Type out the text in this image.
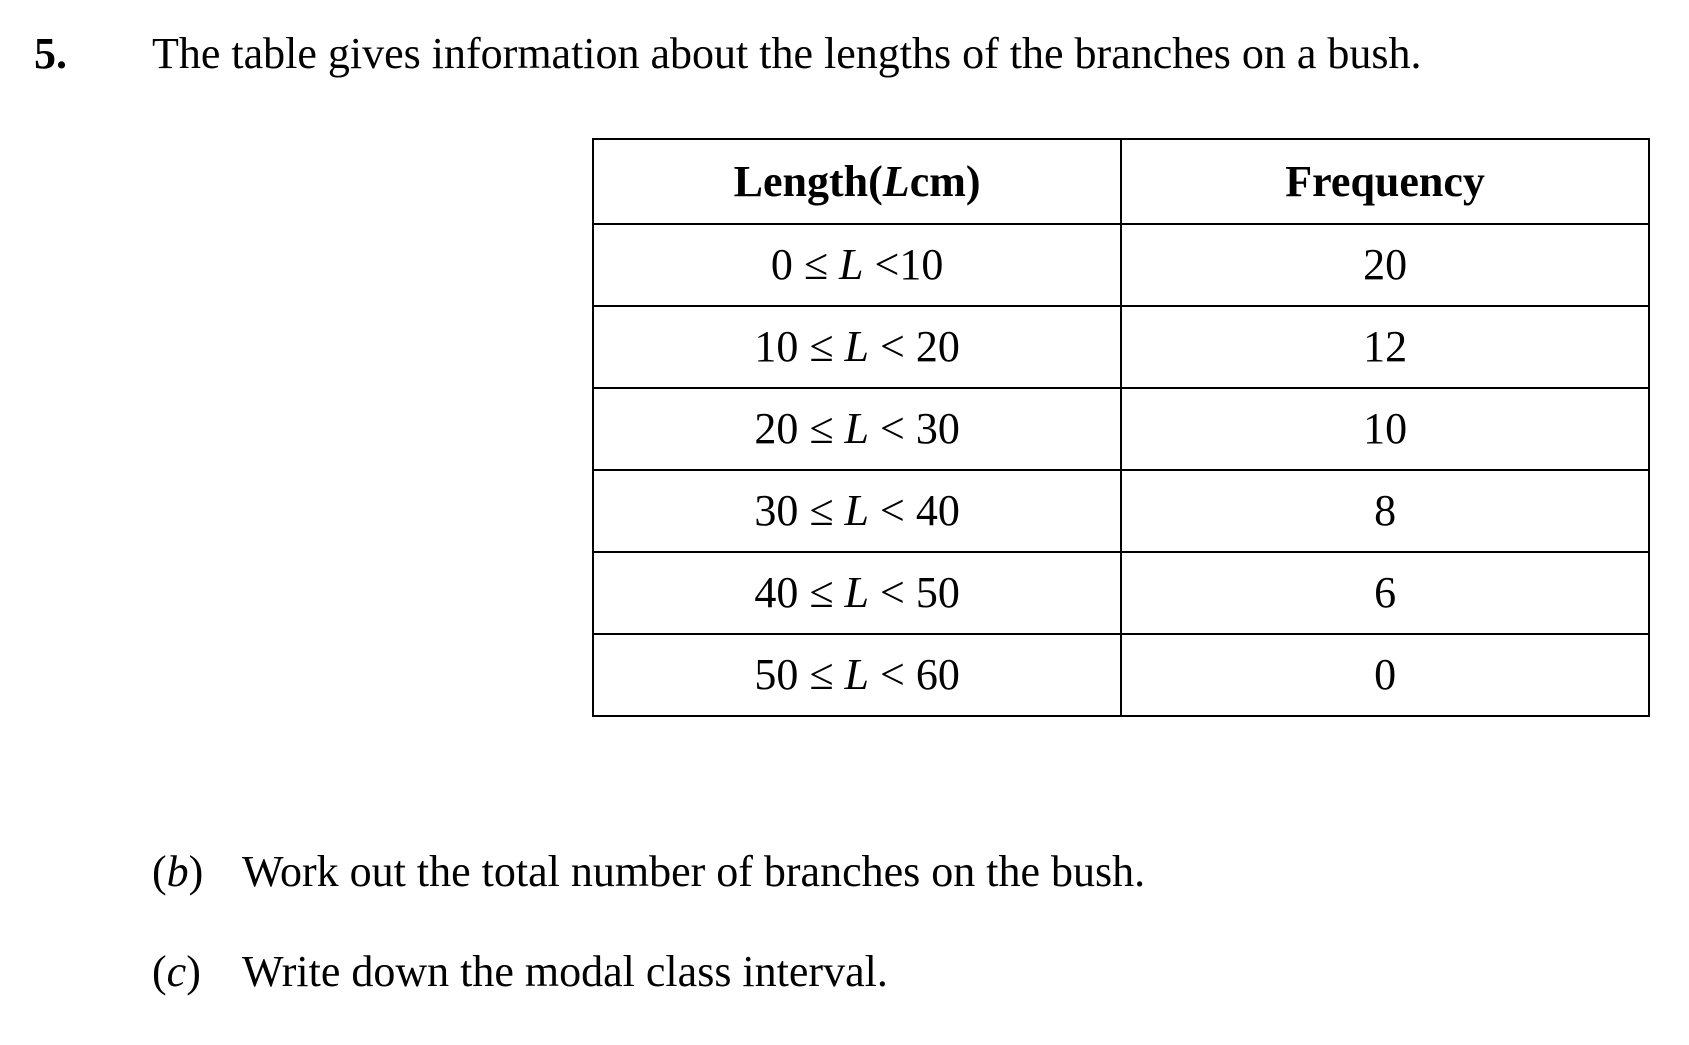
5. The table gives information about the lengths of the branches on a bush.
Length(Lcm)	Frequency
0 ≤ L <10	20
10 ≤ L < 20	12
20 ≤ L < 30	10
30 ≤ L < 40	8
40 ≤ L < 50	6
50 ≤ L < 60	0
(b) Work out the total number of branches on the bush.
(c) Write down the modal class interval.
